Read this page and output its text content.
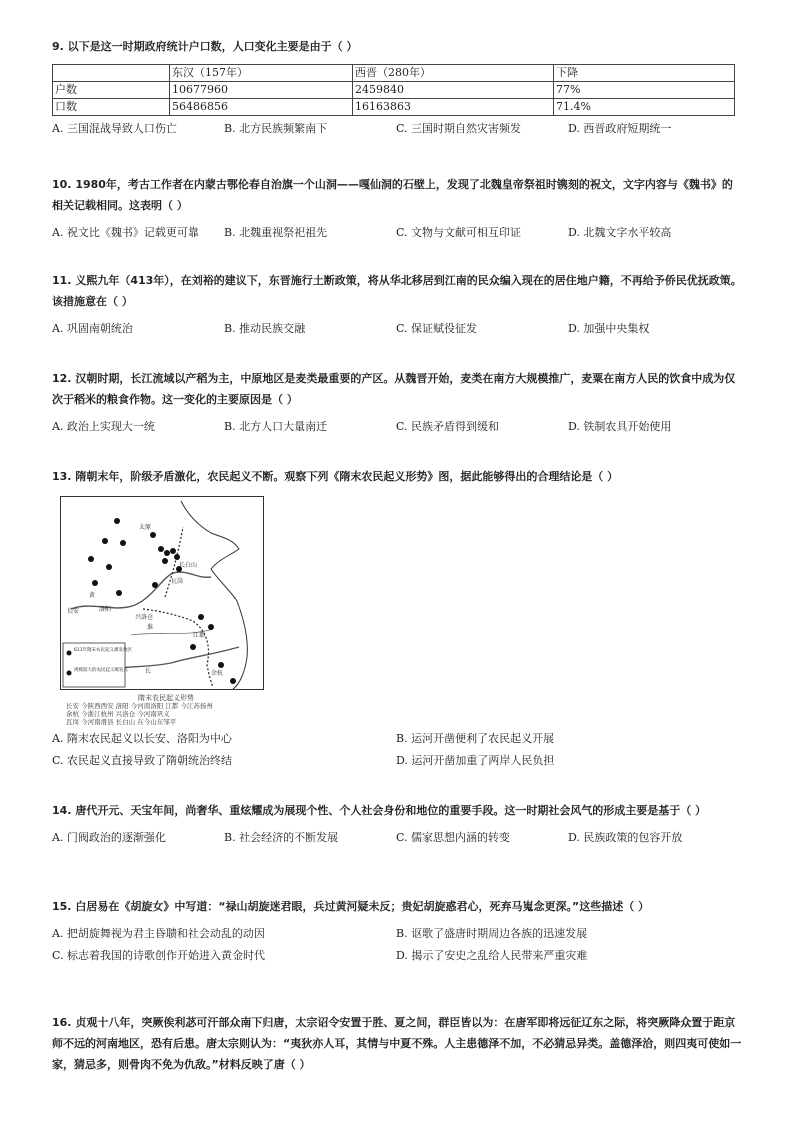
9. 以下是这一时期政府统计户口数，人口变化主要是由于（ ）
	东汉（157年）	西晋（280年）	下降
户数	10677960	2459840	77%
口数	56486856	16163863	71.4%
A. 三国混战导致人口伤亡	B. 北方民族频繁南下	C. 三国时期自然灾害频发	D. 西晋政府短期统一
10. 1980年，考古工作者在内蒙古鄂伦春自治旗一个山洞——嘎仙洞的石壁上，发现了北魏皇帝祭祖时镌刻的祝文，文字内容与《魏书》的相关记载相同。这表明（ ）
A. 祝文比《魏书》记载更可靠	B. 北魏重视祭祀祖先	C. 文物与文献可相互印证	D. 北魏文字水平较高
11. 义熙九年（413年），在刘裕的建议下，东晋施行土断政策，将从华北移居到江南的民众编入现在的居住地户籍，不再给予侨民优抚政策。该措施意在（ ）
A. 巩固南朝统治	B. 推动民族交融	C. 保证赋役征发	D. 加强中央集权
12. 汉朝时期，长江流域以产稻为主，中原地区是麦类最重要的产区。从魏晋开始，麦类在南方大规模推广，麦粟在南方人民的饮食中成为仅次于稻米的粮食作物。这一变化的主要原因是（ ）
A. 政治上实现大一统	B. 北方人口大量南迁	C. 民族矛盾得到缓和	D. 铁制农具开始使用
13. 隋朝末年，阶级矛盾激化，农民起义不断。观察下列《隋末农民起义形势》图，据此能够得出的合理结论是（ ）
太原
长白山
瓦岗
洛阳
兴洛仓
长安
江都
余杭
黄
长
淮
611年隋末农民起义爆发地区
规模较大的农民起义爆发点
隋末农民起义形势
长安 今陕西西安 洛阳 今河南洛阳 江都 今江苏扬州
余杭 今浙江杭州 兴洛仓 今河南巩义
瓦岗 今河南滑县 长白山 在今山东邹平
A. 隋末农民起义以长安、洛阳为中心	B. 运河开凿便利了农民起义开展
C. 农民起义直接导致了隋朝统治终结	D. 运河开凿加重了两岸人民负担
14. 唐代开元、天宝年间，尚奢华、重炫耀成为展现个性、个人社会身份和地位的重要手段。这一时期社会风气的形成主要是基于（ ）
A. 门阀政治的逐渐强化	B. 社会经济的不断发展	C. 儒家思想内涵的转变	D. 民族政策的包容开放
15. 白居易在《胡旋女》中写道：“禄山胡旋迷君眼，兵过黄河疑未反；贵妃胡旋惑君心，死弃马嵬念更深。”这些描述（ ）
A. 把胡旋舞视为君主昏聩和社会动乱的动因	B. 讴歌了盛唐时期周边各族的迅速发展
C. 标志着我国的诗歌创作开始进入黄金时代	D. 揭示了安史之乱给人民带来严重灾难
16. 贞观十八年，突厥俟利苾可汗部众南下归唐，太宗诏令安置于胜、夏之间，群臣皆以为：在唐军即将远征辽东之际，将突厥降众置于距京师不远的河南地区，恐有后患。唐太宗则认为：“夷狄亦人耳，其情与中夏不殊。人主患德泽不加，不必猜忌异类。盖德泽洽，则四夷可使如一家，猜忌多，则骨肉不免为仇敌。”材料反映了唐（ ）
